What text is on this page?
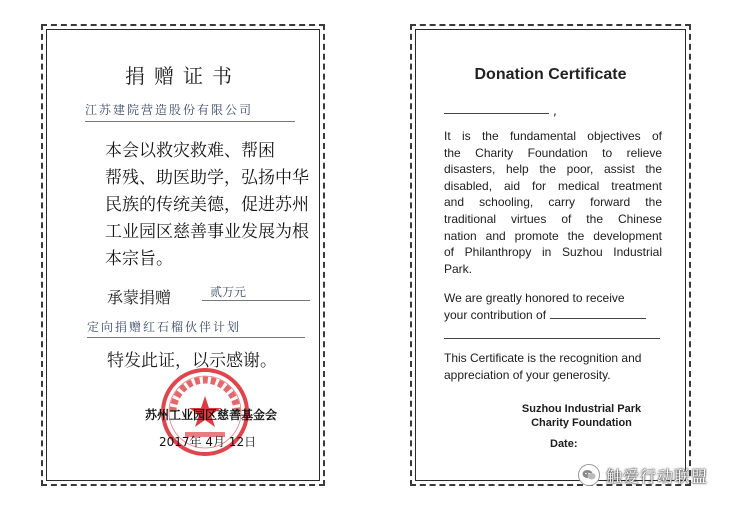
捐赠证书
江苏建院营造股份有限公司
本会以救灾救难、帮困
帮残、助医助学，弘扬中华
民族的传统美德，促进苏州
工业园区慈善事业发展为根
本宗旨。
承蒙捐赠	贰万元
定向捐赠红石榴伙伴计划
特发此证，以示感谢。
苏州工业园区慈善基金会
2017年 4月 12日
Donation Certificate
,
It is the fundamental objectives of
the Charity Foundation to relieve
disasters, help the poor, assist the
disabled, aid for medical treatment
and schooling, carry forward the
traditional virtues of the Chinese
nation and promote the development
of Philanthropy in Suzhou Industrial
Park.
We are greatly honored to receive
your contribution of
This Certificate is the recognition and
appreciation of your generosity.
Suzhou Industrial Park
Charity Foundation
Date:
触爱行动联盟
